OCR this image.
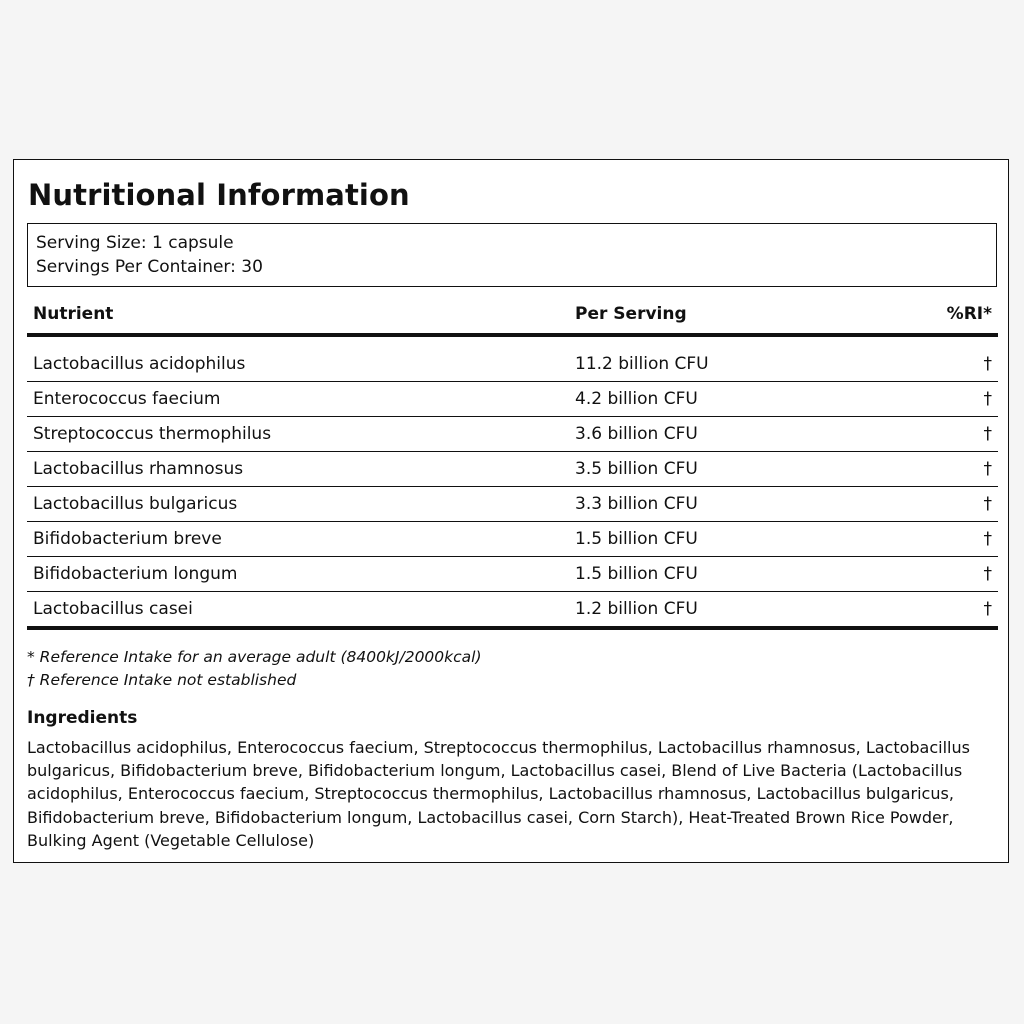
Nutritional Information
Serving Size: 1 capsule
Servings Per Container: 30
Nutrient	Per Serving	%RI*
Lactobacillus acidophilus	11.2 billion CFU	†
Enterococcus faecium	4.2 billion CFU	†
Streptococcus thermophilus	3.6 billion CFU	†
Lactobacillus rhamnosus	3.5 billion CFU	†
Lactobacillus bulgaricus	3.3 billion CFU	†
Bifidobacterium breve	1.5 billion CFU	†
Bifidobacterium longum	1.5 billion CFU	†
Lactobacillus casei	1.2 billion CFU	†
* Reference Intake for an average adult (8400kJ/2000kcal)
† Reference Intake not established
Ingredients
Lactobacillus acidophilus, Enterococcus faecium, Streptococcus thermophilus, Lactobacillus rhamnosus, Lactobacillus bulgaricus, Bifidobacterium breve, Bifidobacterium longum, Lactobacillus casei, Blend of Live Bacteria (Lactobacillus acidophilus, Enterococcus faecium, Streptococcus thermophilus, Lactobacillus rhamnosus, Lactobacillus bulgaricus, Bifidobacterium breve, Bifidobacterium longum, Lactobacillus casei, Corn Starch), Heat-Treated Brown Rice Powder, Bulking Agent (Vegetable Cellulose)
